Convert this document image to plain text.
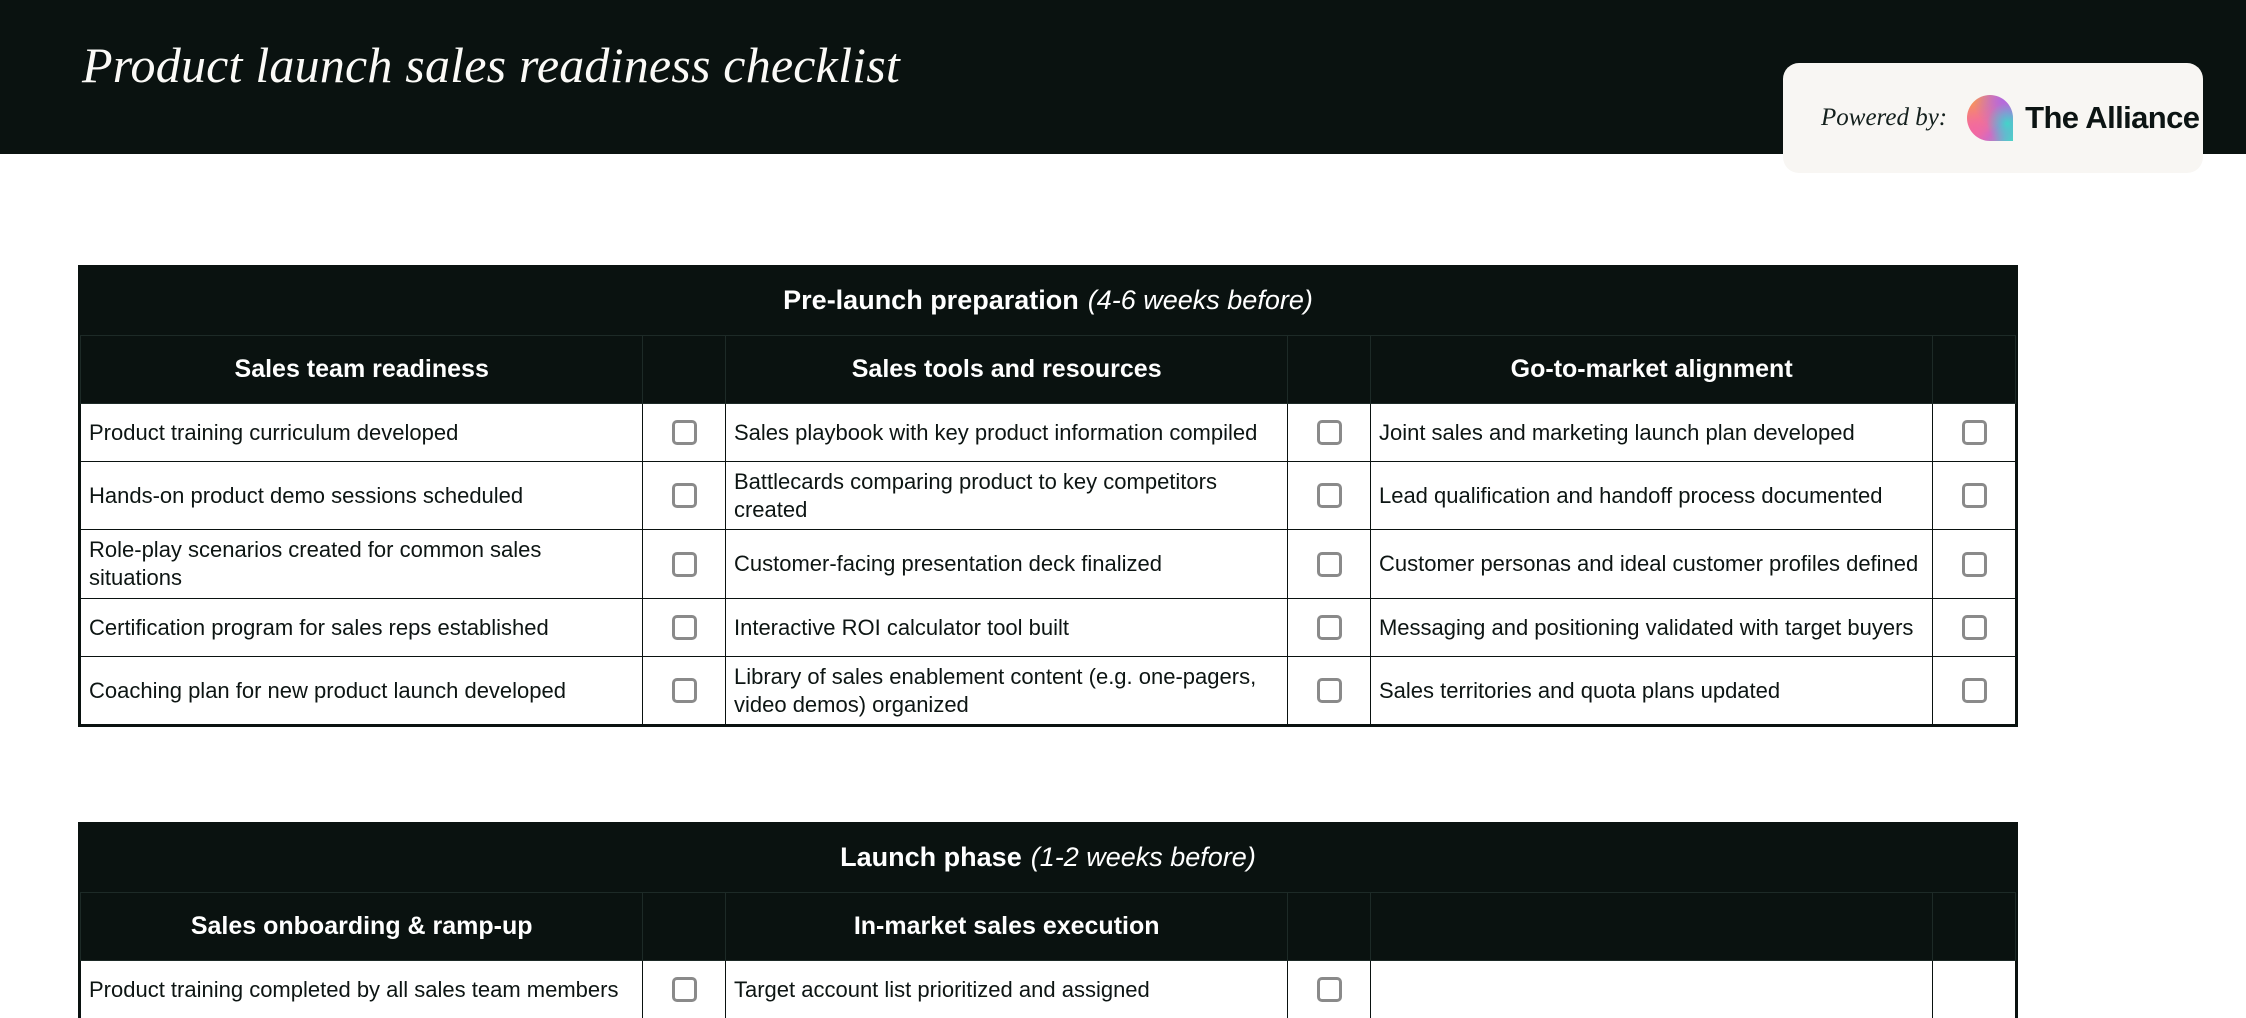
Product launch sales readiness checklist
Powered by:	The Alliance
Pre-launch preparation (4-6 weeks before)
Sales team readiness		Sales tools and resources		Go-to-market alignment	
Product training curriculum developed		Sales playbook with key product information compiled		Joint sales and marketing launch plan developed	
Hands-on product demo sessions scheduled		Battlecards comparing product to key competitors created		Lead qualification and handoff process documented	
Role-play scenarios created for common sales situations		Customer-facing presentation deck finalized		Customer personas and ideal customer profiles defined	
Certification program for sales reps established		Interactive ROI calculator tool built		Messaging and positioning validated with target buyers	
Coaching plan for new product launch developed		Library of sales enablement content (e.g. one-pagers, video demos) organized		Sales territories and quota plans updated	
Launch phase (1-2 weeks before)
Sales onboarding & ramp-up		In-market sales execution			
Product training completed by all sales team members		Target account list prioritized and assigned			
